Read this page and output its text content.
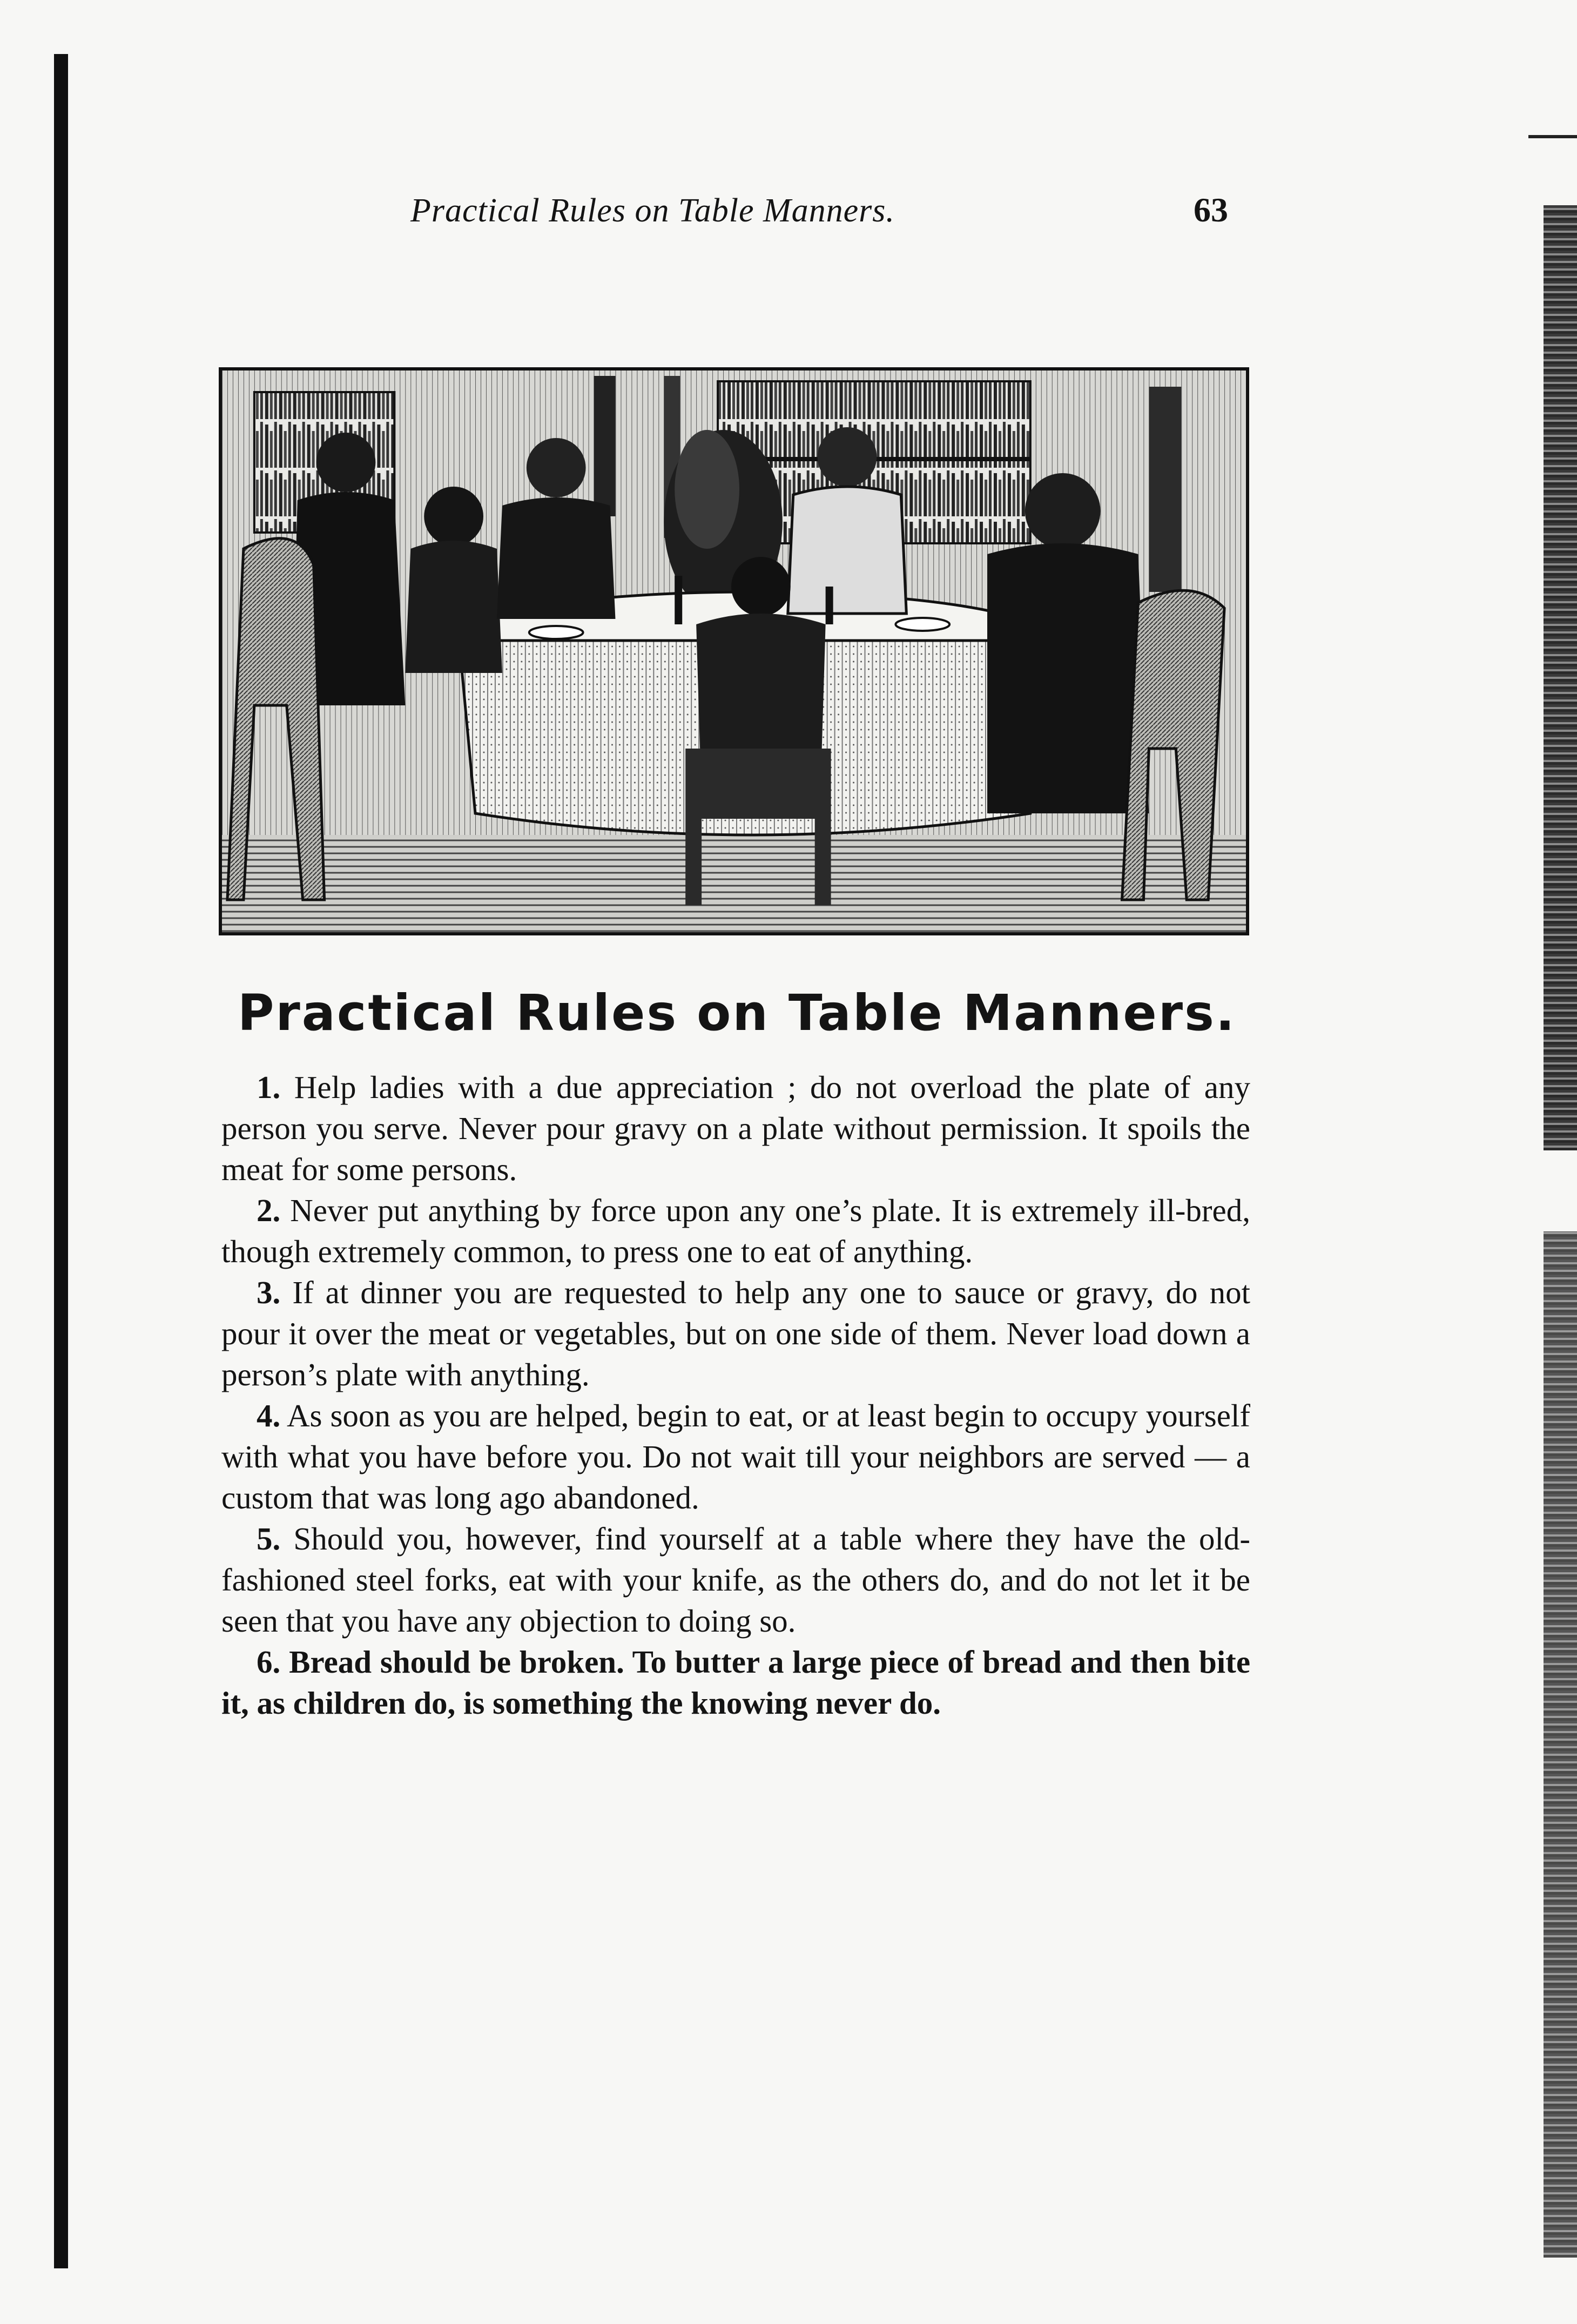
Practical Rules on Table Manners.	63
Practical Rules on Table Manners.

1. Help ladies with a due appreciation ; do not overload the plate of any person you serve. Never pour gravy on a plate without permission. It spoils the meat for some persons.

2. Never put anything by force upon any one’s plate. It is extremely ill-bred, though extremely common, to press one to eat of anything.

3. If at dinner you are requested to help any one to sauce or gravy, do not pour it over the meat or vegetables, but on one side of them. Never load down a person’s plate with anything.

4. As soon as you are helped, begin to eat, or at least begin to occupy yourself with what you have before you. Do not wait till your neighbors are served — a custom that was long ago abandoned.

5. Should you, however, find yourself at a table where they have the old-fashioned steel forks, eat with your knife, as the others do, and do not let it be seen that you have any objection to doing so.

6. Bread should be broken. To butter a large piece of bread and then bite it, as children do, is something the knowing never do.
